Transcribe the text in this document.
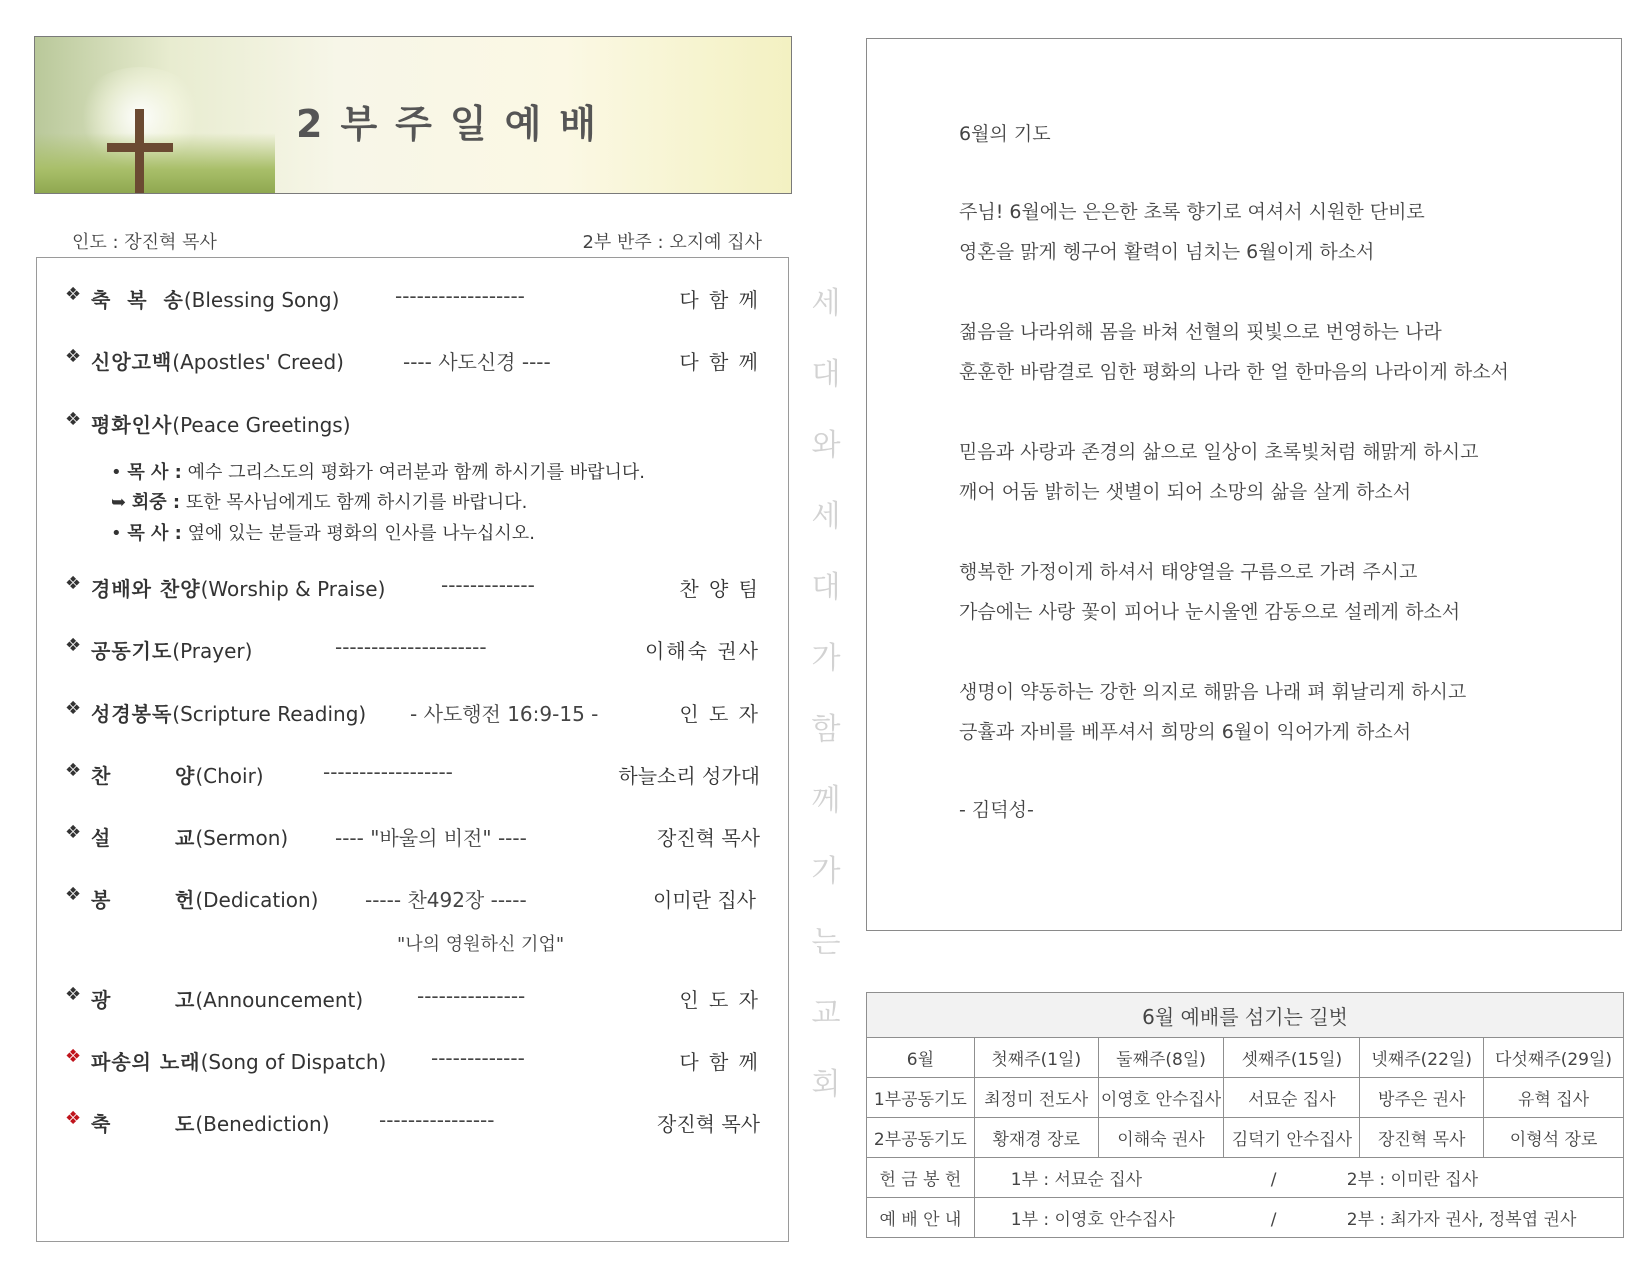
2부주일예배
인도 : 장진혁 목사	2부 반주 : 오지예 집사
❖ 축  복  송(Blessing Song)	------------------	다 함 께
❖ 신앙고백(Apostles' Creed)	---- 사도신경 ----	다 함 께
❖ 평화인사(Peace Greetings)
• 목 사 : 예수 그리스도의 평화가 여러분과 함께 하시기를 바랍니다.
➥ 회중 : 또한 목사님에게도 함께 하시기를 바랍니다.
• 목 사 : 옆에 있는 분들과 평화의 인사를 나누십시오.
❖ 경배와 찬양(Worship & Praise)	-------------	찬 양 팀
❖ 공동기도(Prayer)	---------------------	이해숙 권사
❖ 성경봉독(Scripture Reading) - 사도행전 16:9-15 -	인 도 자
❖ 찬        양(Choir)	------------------	하늘소리 성가대
❖ 설        교(Sermon) ---- "바울의 비전" ----	장진혁 목사
❖ 봉        헌(Dedication) ----- 찬492장 -----	이미란 집사
"나의 영원하신 기업"
❖ 광        고(Announcement)	---------------	인 도 자
❖ 파송의 노래(Song of Dispatch) -------------	다 함 께
❖ 축        도(Benediction) ----------------	장진혁 목사
세
대
와
세
대
가
함
께
가
는
교
회
6월의 기도
주님! 6월에는 은은한 초록 향기로 여셔서 시원한 단비로
영혼을 맑게 헹구어 활력이 넘치는 6월이게 하소서
젊음을 나라위해 몸을 바쳐 선혈의 핏빛으로 번영하는 나라
훈훈한 바람결로 임한 평화의 나라 한 얼 한마음의 나라이게 하소서
믿음과 사랑과 존경의 삶으로 일상이 초록빛처럼 해맑게 하시고
깨어 어둠 밝히는 샛별이 되어 소망의 삶을 살게 하소서
행복한 가정이게 하셔서 태양열을 구름으로 가려 주시고
가슴에는 사랑 꽃이 피어나 눈시울엔 감동으로 설레게 하소서
생명이 약동하는 강한 의지로 해맑음 나래 펴 휘날리게 하시고
긍휼과 자비를 베푸셔서 희망의 6월이 익어가게 하소서
- 김덕성-
6월 예배를 섬기는 길벗					
6월	첫째주(1일)	둘째주(8일)	셋째주(15일)	넷째주(22일)	다섯째주(29일)
1부공동기도	최정미 전도사	이영호 안수집사	서묘순 집사	방주은 권사	유혁 집사
2부공동기도	황재경 장로	이해숙 권사	김덕기 안수집사	장진혁 목사	이형석 장로
헌 금 봉 헌	1부 : 서묘순 집사 / 2부 : 이미란 집사				
예 배 안 내	1부 : 이영호 안수집사 / 2부 : 최가자 권사, 정복엽 권사				
